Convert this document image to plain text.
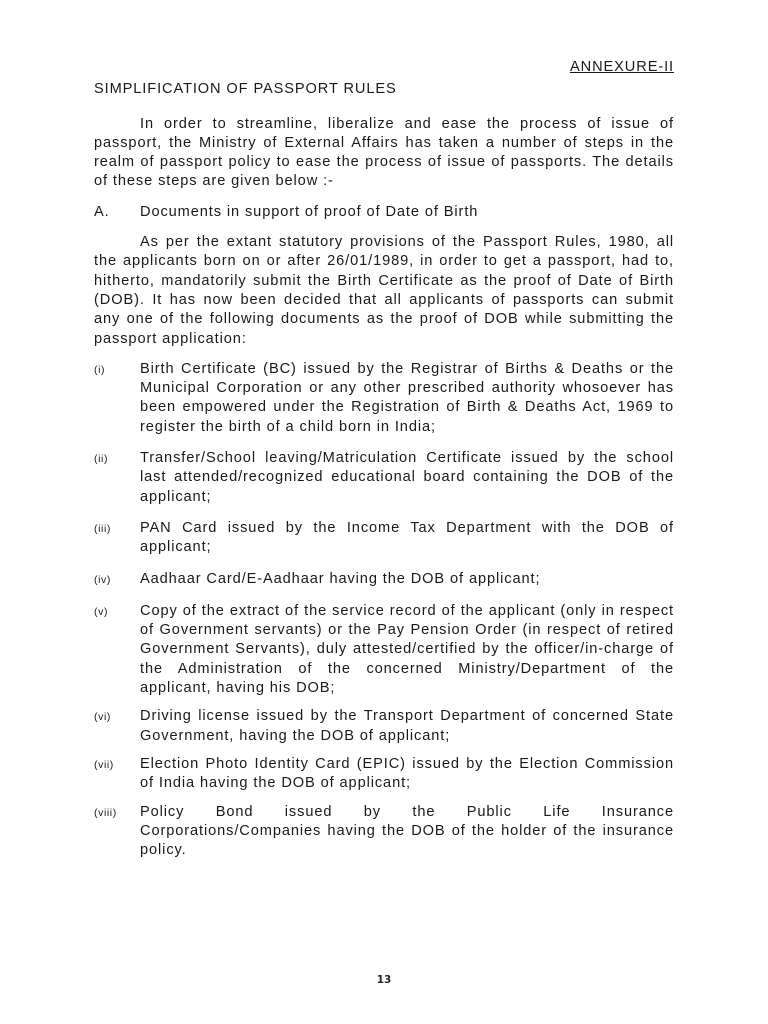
ANNEXURE-II
SIMPLIFICATION OF PASSPORT RULES

In order to streamline, liberalize and ease the process of issue of passport, the Ministry of External Affairs has taken a number of steps in the realm of passport policy to ease the process of issue of passports. The details of these steps are given below :-

A.	Documents in support of proof of Date of Birth

As per the extant statutory provisions of the Passport Rules, 1980, all the applicants born on or after 26/01/1989, in order to get a passport, had to, hitherto, mandatorily submit the Birth Certificate as the proof of Date of Birth (DOB). It has now been decided that all applicants of passports can submit any one of the following documents as the proof of DOB while submitting the passport application:

(i)	Birth Certificate (BC) issued by the Registrar of Births & Deaths or the Municipal Corporation or any other prescribed authority whosoever has been empowered under the Registration of Birth & Deaths Act, 1969 to register the birth of a child born in India;
(ii)	Transfer/School leaving/Matriculation Certificate issued by the school last attended/recognized educational board containing the DOB of the applicant;
(iii)	PAN Card issued by the Income Tax Department with the DOB of applicant;
(iv)	Aadhaar Card/E-Aadhaar having the DOB of applicant;
(v)	Copy of the extract of the service record of the applicant (only in respect of Government servants) or the Pay Pension Order (in respect of retired Government Servants), duly attested/certified by the officer/in-charge of the Administration of the concerned Ministry/Department of the applicant, having his DOB;
(vi)	Driving license issued by the Transport Department of concerned State Government, having the DOB of applicant;
(vii)	Election Photo Identity Card (EPIC) issued by the Election Commission of India having the DOB of applicant;
(viii)	Policy Bond issued by the Public Life Insurance Corporations/Companies having the DOB of the holder of the insurance policy.
13
